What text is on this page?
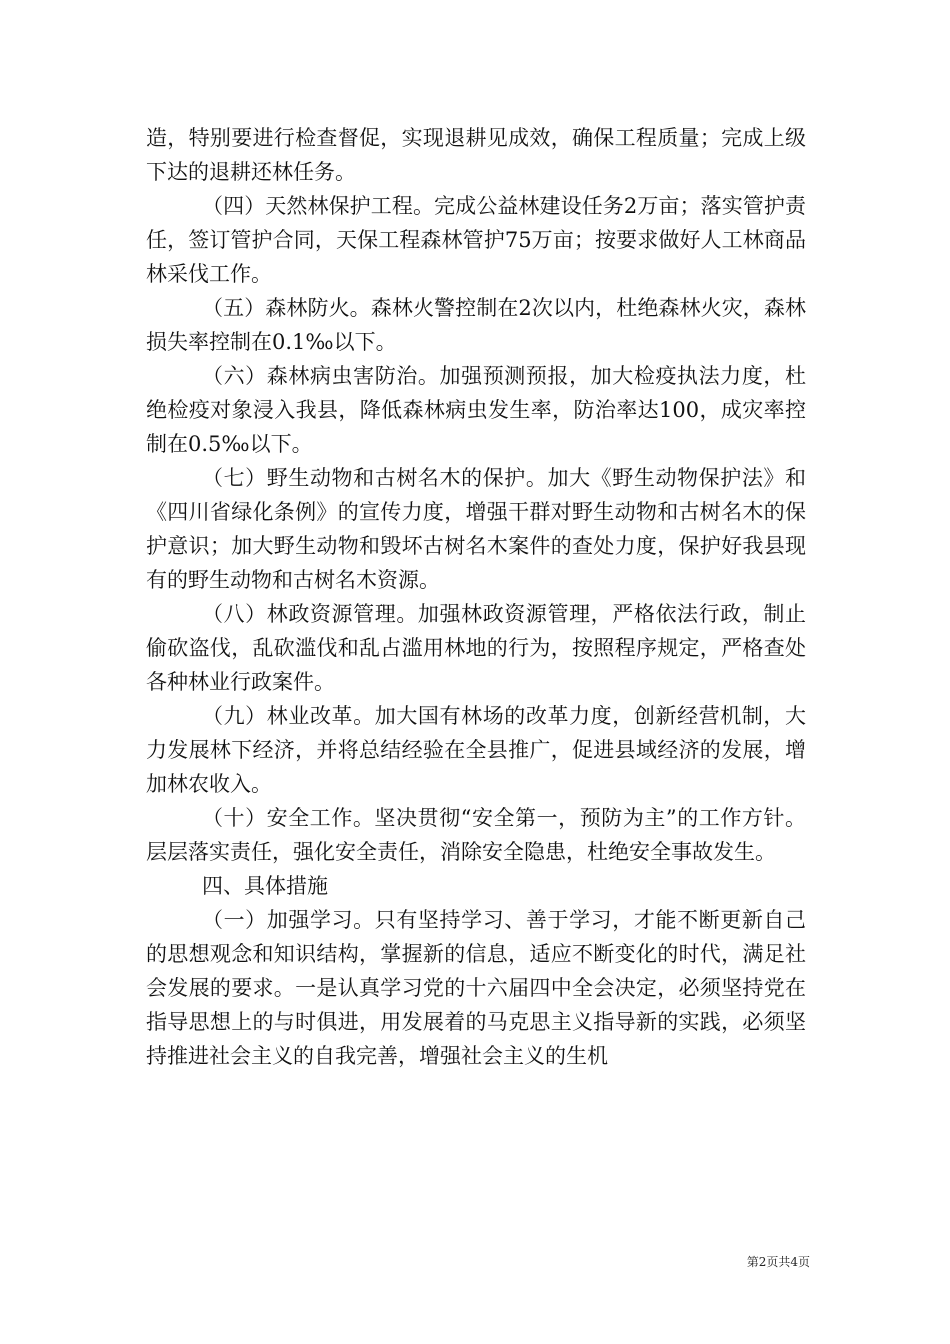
造，特别要进行检查督促，实现退耕见成效，确保工程质量；完成上级下达的退耕还林任务。

（四）天然林保护工程。完成公益林建设任务2万亩；落实管护责任，签订管护合同，天保工程森林管护75万亩；按要求做好人工林商品林采伐工作。

（五）森林防火。森林火警控制在2次以内，杜绝森林火灾，森林损失率控制在0.1‰以下。

（六）森林病虫害防治。加强预测预报，加大检疫执法力度，杜绝检疫对象浸入我县，降低森林病虫发生率，防治率达100，成灾率控制在0.5‰以下。

（七）野生动物和古树名木的保护。加大《野生动物保护法》和《四川省绿化条例》的宣传力度，增强干群对野生动物和古树名木的保护意识；加大野生动物和毁坏古树名木案件的查处力度，保护好我县现有的野生动物和古树名木资源。

（八）林政资源管理。加强林政资源管理，严格依法行政，制止偷砍盗伐，乱砍滥伐和乱占滥用林地的行为，按照程序规定，严格查处各种林业行政案件。

（九）林业改革。加大国有林场的改革力度，创新经营机制，大力发展林下经济，并将总结经验在全县推广，促进县域经济的发展，增加林农收入。

（十）安全工作。坚决贯彻“安全第一，预防为主”的工作方针。层层落实责任，强化安全责任，消除安全隐患，杜绝安全事故发生。

四、具体措施

（一）加强学习。只有坚持学习、善于学习，才能不断更新自己的思想观念和知识结构，掌握新的信息，适应不断变化的时代，满足社会发展的要求。一是认真学习党的十六届四中全会决定，必须坚持党在指导思想上的与时俱进，用发展着的马克思主义指导新的实践，必须坚持推进社会主义的自我完善，增强社会主义的生机

第2页共4页
